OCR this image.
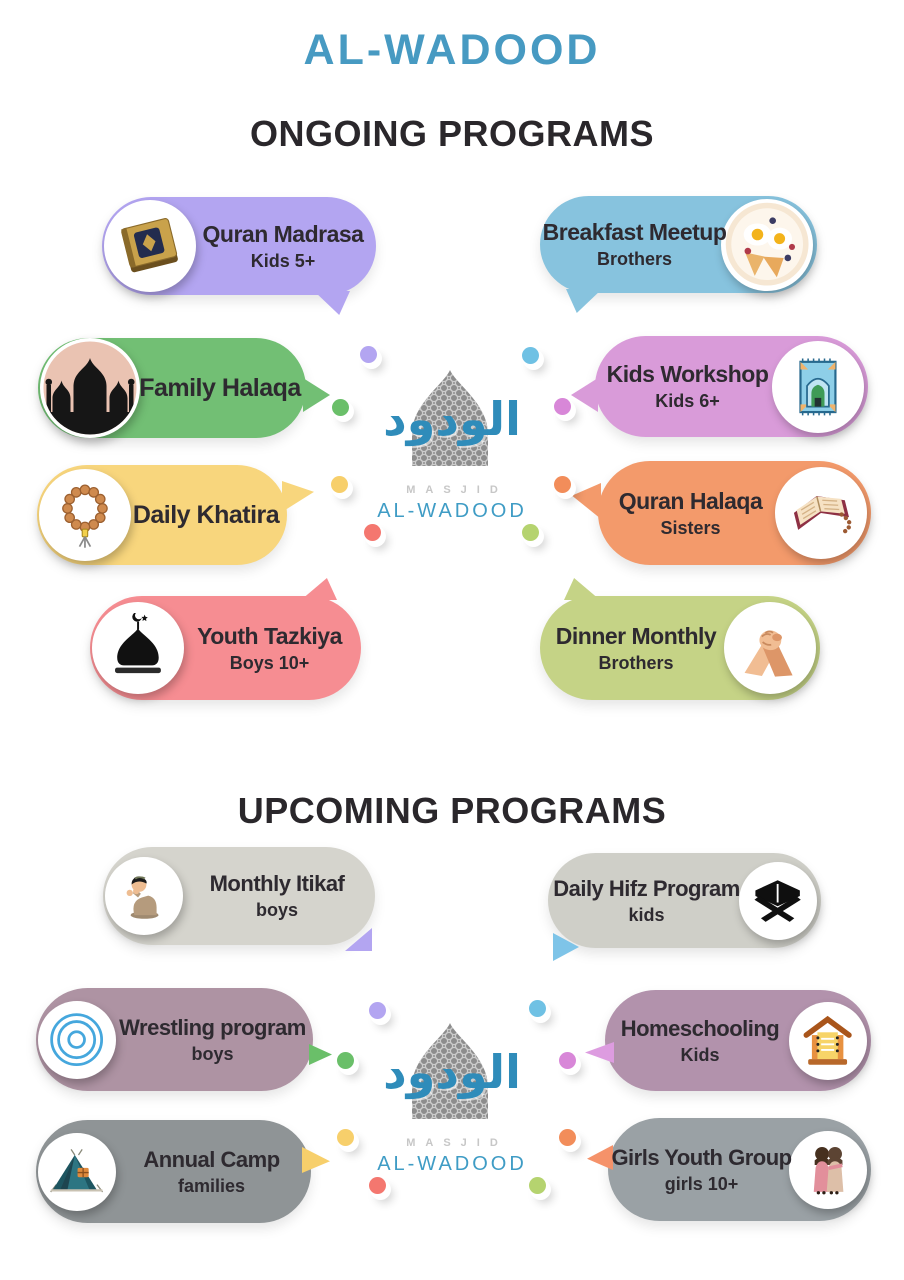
AL-WADOOD
ONGOING PROGRAMS
Quran Madrasa
Kids 5+
Breakfast Meetup
Brothers
Family Halaqa	Kids Workshop
Kids 6+
Daily Khatira	Quran Halaqa
Sisters
Youth Tazkiya
Boys 10+
Dinner Monthly
Brothers
الودود
MASJID
AL-WADOOD
UPCOMING PROGRAMS
Monthly Itikaf
boys
Daily Hifz Program
kids
Wrestling program
boys
Homeschooling
Kids
Annual Camp
families
Girls Youth Group
girls 10+
الودود
MASJID
AL-WADOOD
